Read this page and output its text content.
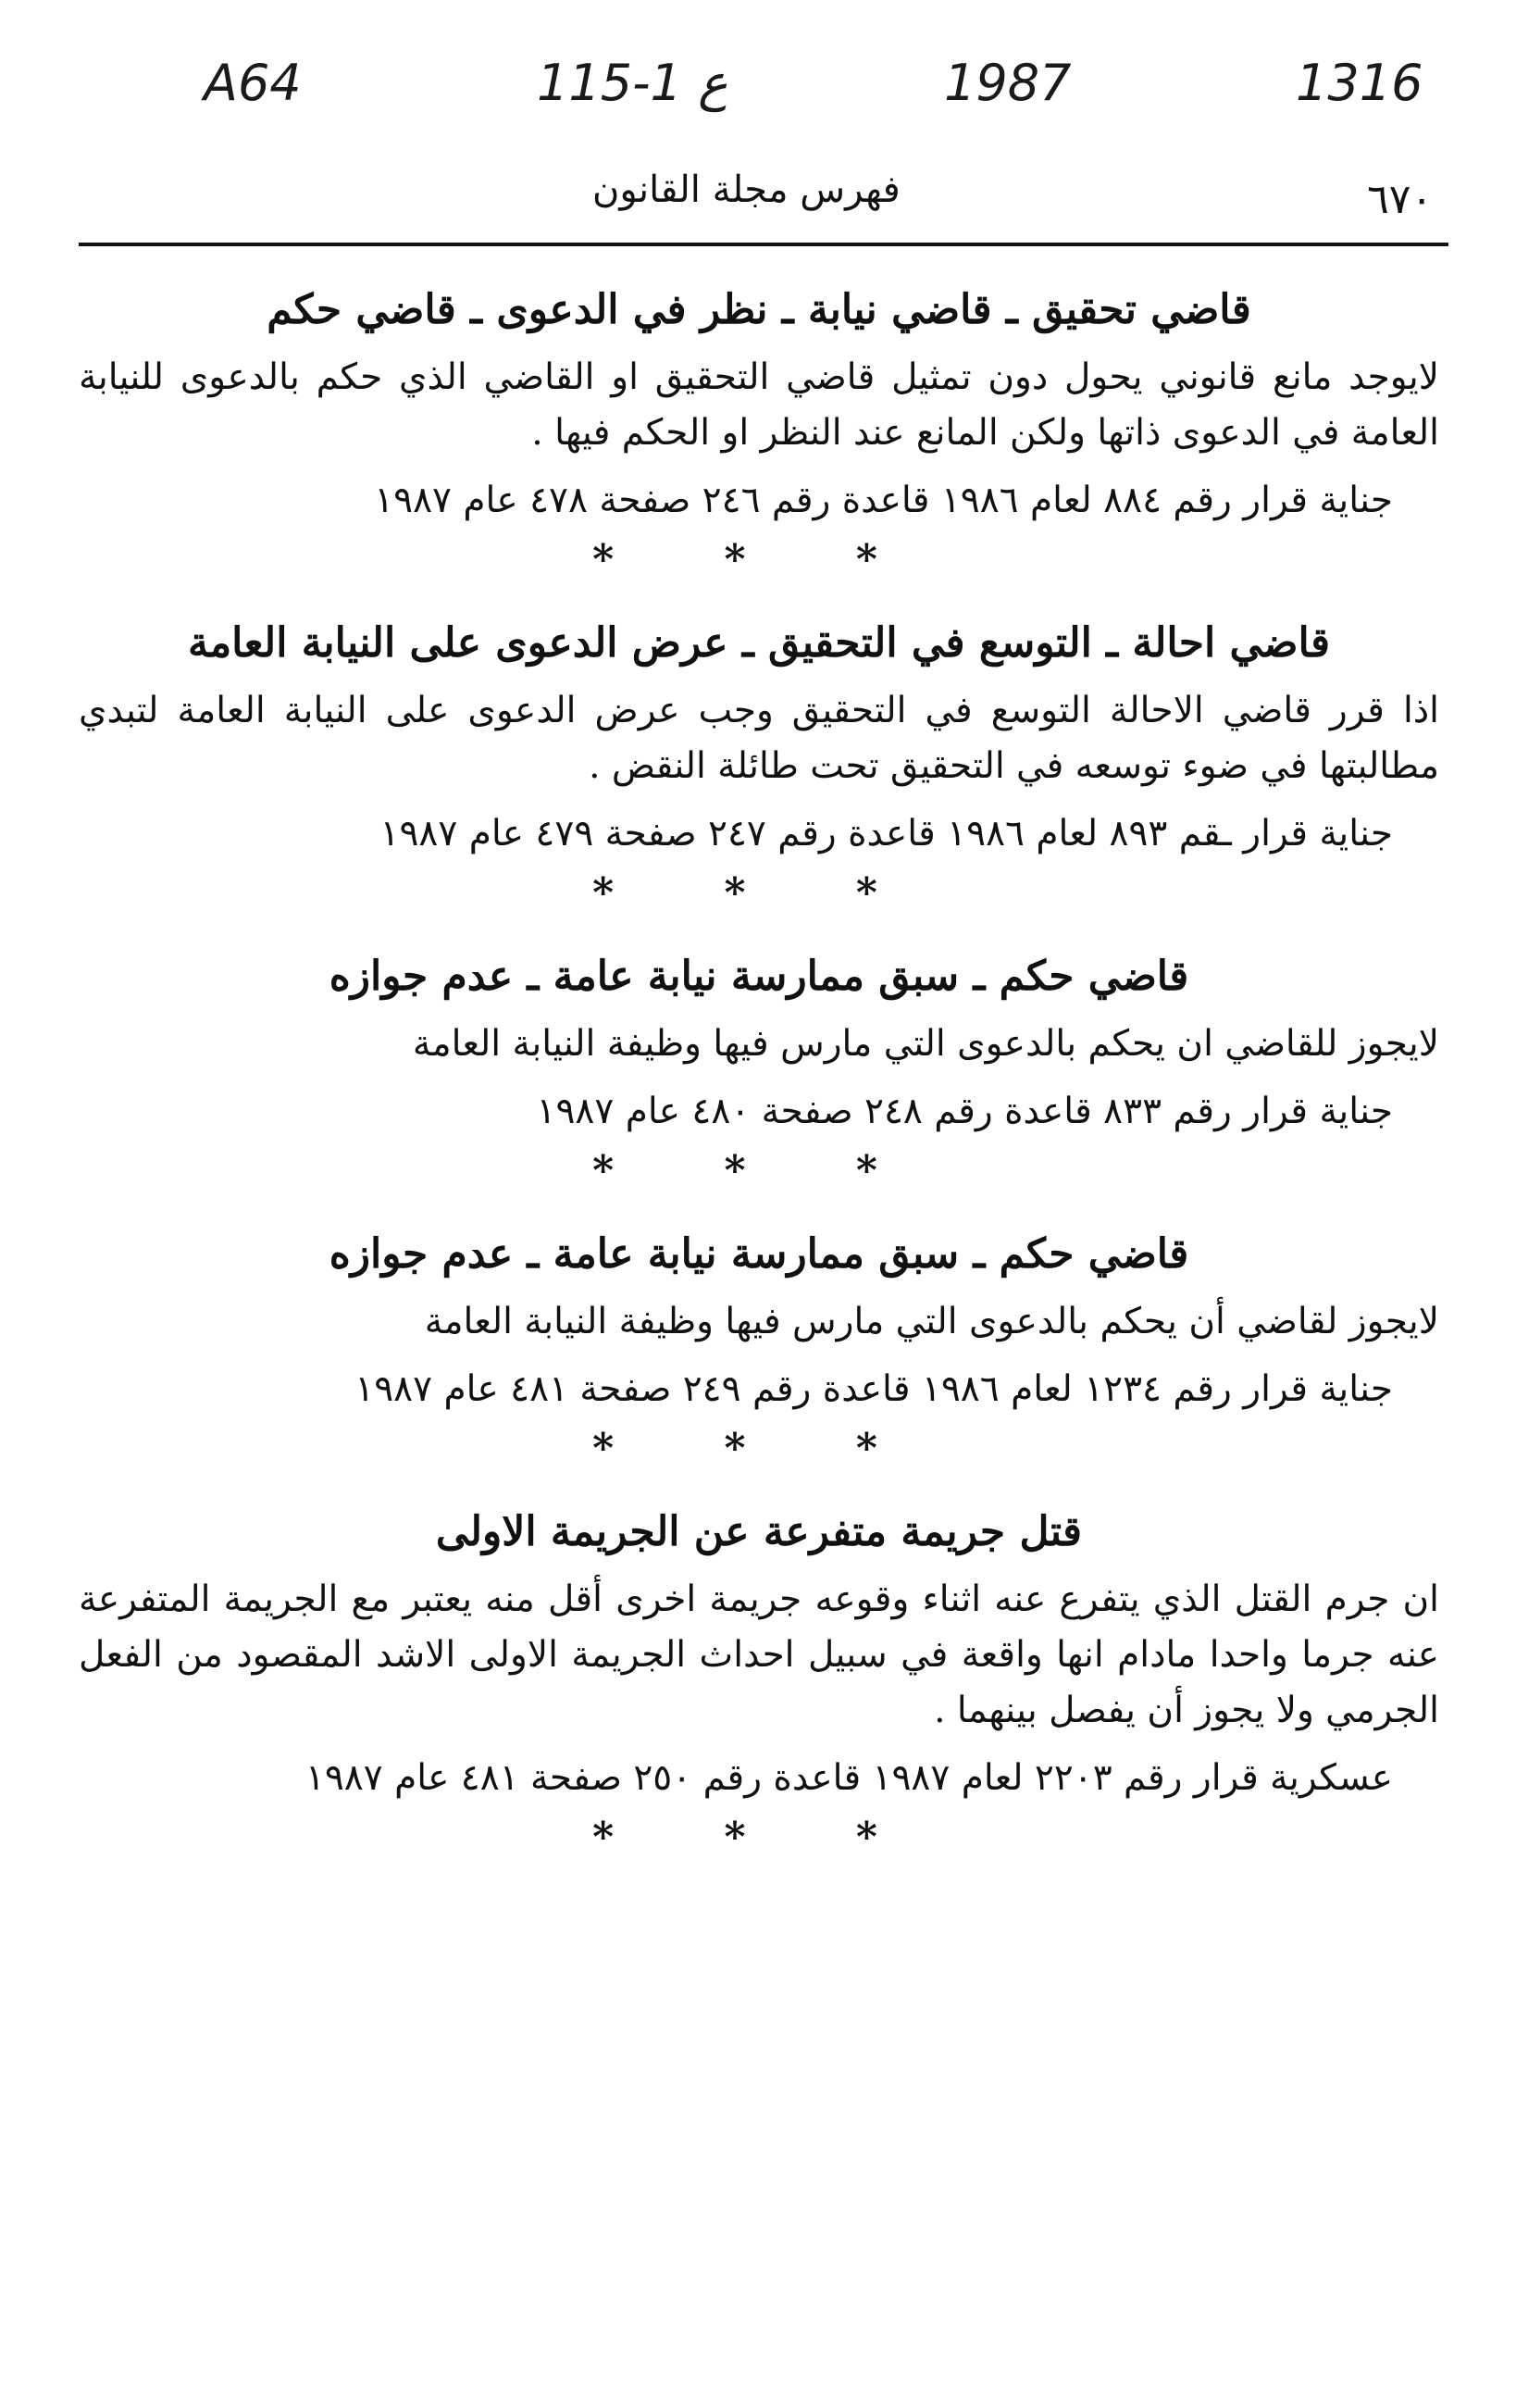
A64	115-1 ع	1987	1316
فهرس مجلة القانون	٦٧٠
قاضي تحقيق ـ قاضي نيابة ـ نظر في الدعوى ـ قاضي حكم
لايوجد مانع قانوني يحول دون تمثيل قاضي التحقيق او القاضي الذي حكم بالدعوى للنيابة العامة في الدعوى ذاتها ولكن المانع عند النظر او الحكم فيها .
جناية قرار رقم ٨٨٤ لعام ١٩٨٦ قاعدة رقم ٢٤٦ صفحة ٤٧٨ عام ١٩٨٧
* * *
قاضي احالة ـ التوسع في التحقيق ـ عرض الدعوى على النيابة العامة
اذا قرر قاضي الاحالة التوسع في التحقيق وجب عرض الدعوى على النيابة العامة لتبدي مطالبتها في ضوء توسعه في التحقيق تحت طائلة النقض .
جناية قرار ـقم ٨٩٣ لعام ١٩٨٦ قاعدة رقم ٢٤٧ صفحة ٤٧٩ عام ١٩٨٧
* * *
قاضي حكم ـ سبق ممارسة نيابة عامة ـ عدم جوازه
لايجوز للقاضي ان يحكم بالدعوى التي مارس فيها وظيفة النيابة العامة
جناية قرار رقم ٨٣٣ قاعدة رقم ٢٤٨ صفحة ٤٨٠ عام ١٩٨٧
* * *
قاضي حكم ـ سبق ممارسة نيابة عامة ـ عدم جوازه
لايجوز لقاضي أن يحكم بالدعوى التي مارس فيها وظيفة النيابة العامة
جناية قرار رقم ١٢٣٤ لعام ١٩٨٦ قاعدة رقم ٢٤٩ صفحة ٤٨١ عام ١٩٨٧
* * *
قتل جريمة متفرعة عن الجريمة الاولى
ان جرم القتل الذي يتفرع عنه اثناء وقوعه جريمة اخرى أقل منه يعتبر مع الجريمة المتفرعة عنه جرما واحدا مادام انها واقعة في سبيل احداث الجريمة الاولى الاشد المقصود من الفعل الجرمي ولا يجوز أن يفصل بينهما .
عسكرية قرار رقم ٢٢٠٣ لعام ١٩٨٧ قاعدة رقم ٢٥٠ صفحة ٤٨١ عام ١٩٨٧
* * *
